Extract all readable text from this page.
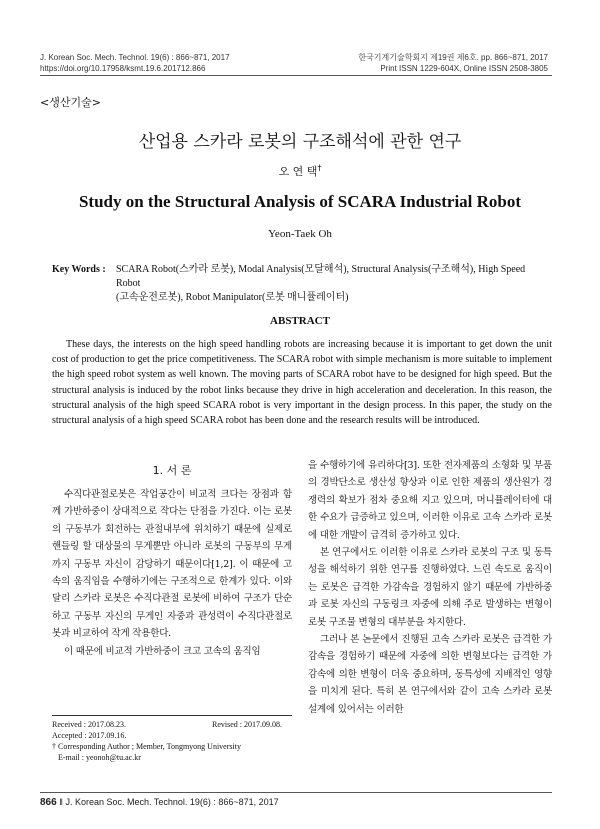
J. Korean Soc. Mech. Technol. 19(6) : 866~871, 2017
https://doi.org/10.17958/ksmt.19.6.201712.866
한국기계기술학회지 제19권 제6호. pp. 866~871, 2017
Print ISSN 1229-604X, Online ISSN 2508-3805
<생산기술>
산업용 스카라 로봇의 구조해석에 관한 연구
오 연 택†
Study on the Structural Analysis of SCARA Industrial Robot
Yeon-Taek Oh
Key Words : SCARA Robot(스카라 로봇), Modal Analysis(모달해석), Structural Analysis(구조해석), High Speed Robot
(고속운전로봇), Robot Manipulator(로봇 매니퓰레이터)
ABSTRACT
These days, the interests on the high speed handling robots are increasing because it is important to get down the unit cost of production to get the price competitiveness. The SCARA robot with simple mechanism is more suitable to implement the high speed robot system as well known. The moving parts of SCARA robot have to be designed for high speed. But the structural analysis is induced by the robot links because they drive in high acceleration and deceleration. In this reason, the structural analysis of the high speed SCARA robot is very important in the design process. In this paper, the study on the structural analysis of a high speed SCARA robot has been done and the research results will be introduced.
1. 서 론

수직다관절로봇은 작업공간이 비교적 크다는 장점과 함께 가반하중이 상대적으로 작다는 단점을 가진다. 이는 로봇의 구동부가 회전하는 관절내부에 위치하기 때문에 실제로 핸들링 할 대상물의 무게뿐만 아니라 로봇의 구동부의 무게까지 구동부 자신이 감당하기 때문이다[1,2]. 이 때문에 고속의 움직임을 수행하기에는 구조적으로 한계가 있다. 이와 달리 스카라 로봇은 수직다관절 로봇에 비하여 구조가 단순하고 구동부 자신의 무게인 자중과 관성력이 수직다관절로봇과 비교하여 작게 작용한다.

이 때문에 비교적 가반하중이 크고 고속의 움직임

을 수행하기에 유리하다[3]. 또한 전자제품의 소형화 및 부품의 경박단소로 생산성 향상과 이로 인한 제품의 생산원가 경쟁력의 확보가 점차 중요해 지고 있으며, 머니퓰레이터에 대한 수요가 급증하고 있으며, 이러한 이유로 고속 스카라 로봇에 대한 개발이 급격히 증가하고 있다.

본 연구에서도 이러한 이유로 스카라 로봇의 구조 및 동특성을 해석하기 위한 연구를 진행하였다. 느린 속도로 움직이는 로봇은 급격한 가감속을 경험하지 않기 때문에 가반하중과 로봇 자신의 구동링크 자중에 의해 주로 발생하는 변형이 로봇 구조물 변형의 대부분을 차지한다.

그러나 본 논문에서 진행된 고속 스카라 로봇은 급격한 가감속을 경험하기 때문에 자중에 의한 변형보다는 급격한 가감속에 의한 변형이 더욱 중요하며, 동특성에 지배적인 영향을 미치게 된다. 특히 본 연구에서와 같이 고속 스카라 로봇 설계에 있어서는 이러한

Received : 2017.08.23.	Revised : 2017.09.08.
Accepted : 2017.09.16.
† Corresponding Author ; Member, Tongmyong University
E-mail : yeonoh@tu.ac.kr
866 ‖ J. Korean Soc. Mech. Technol. 19(6) : 866~871, 2017
